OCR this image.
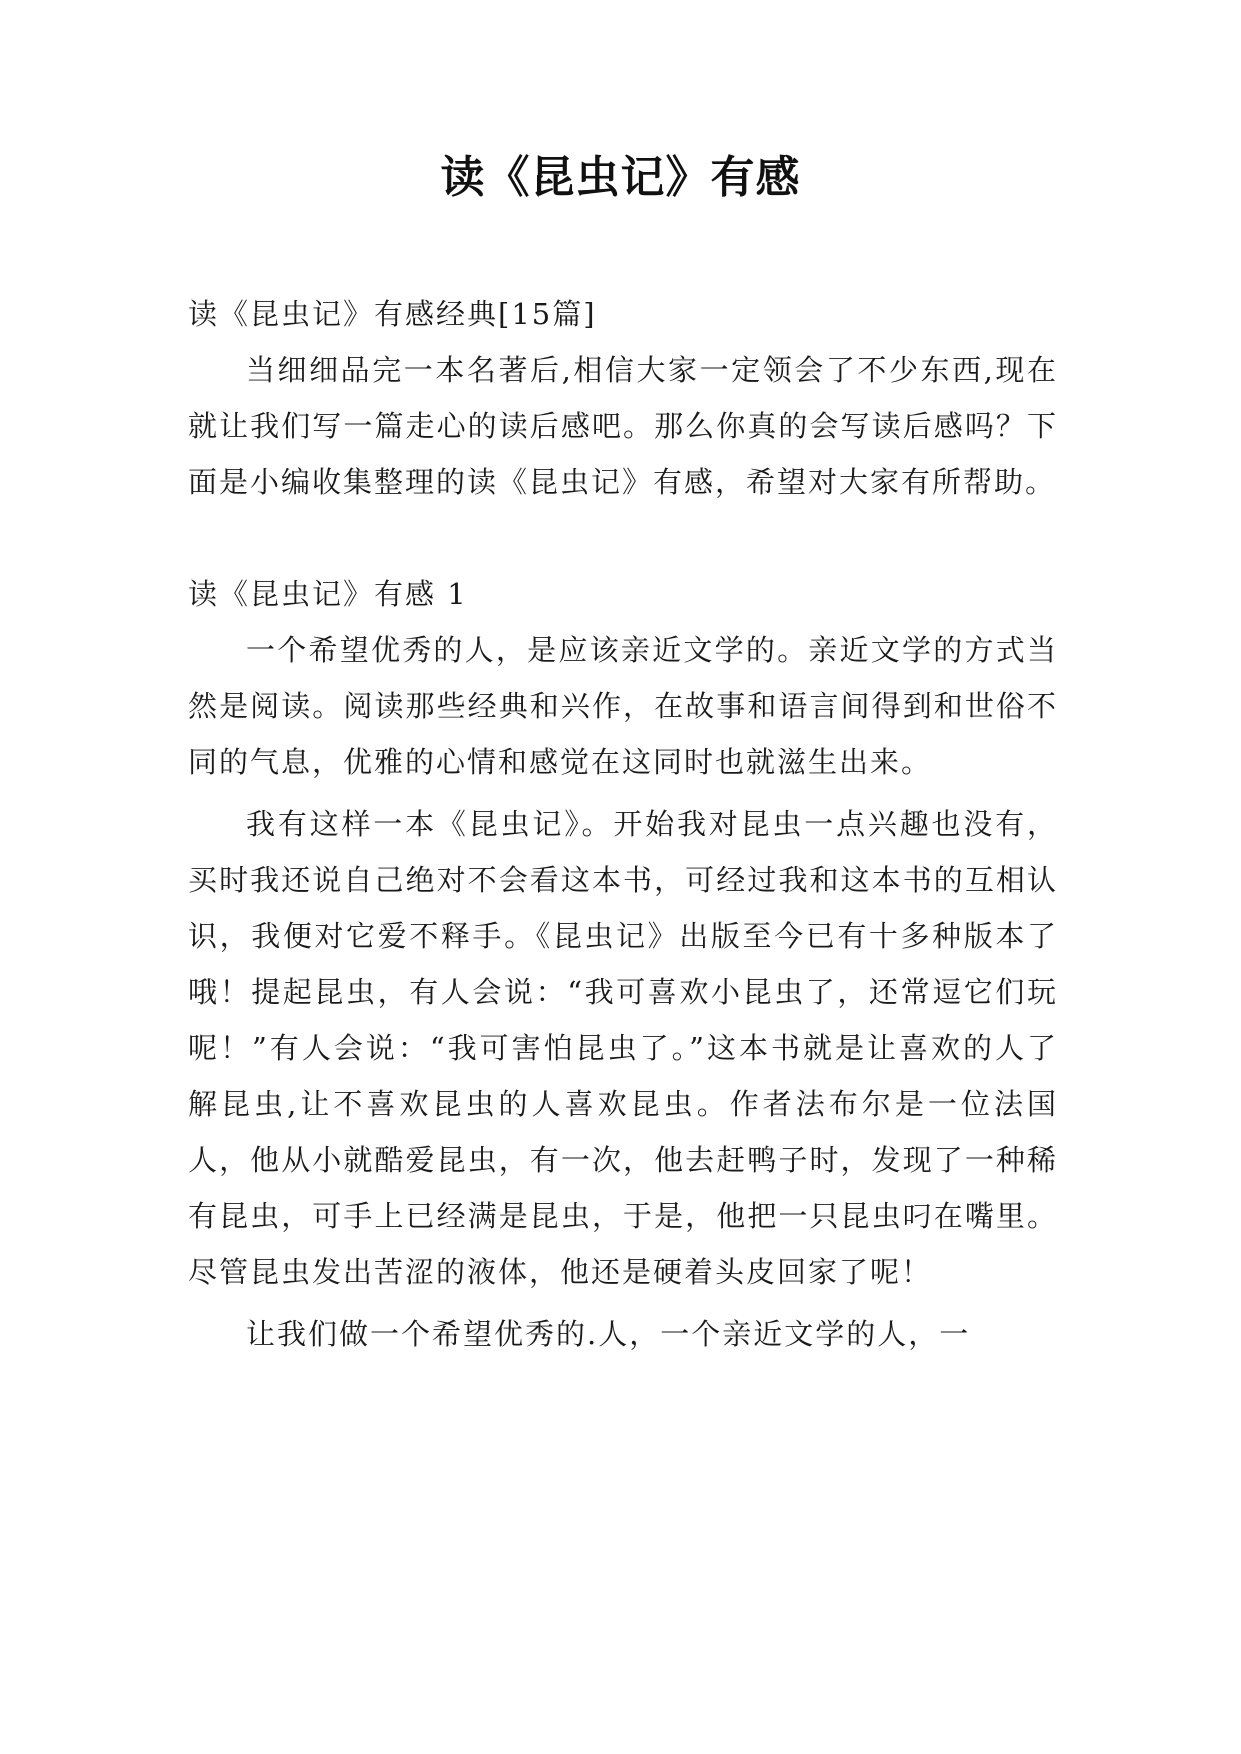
读《昆虫记》有感

读《昆虫记》有感经典[15篇]

当细细品完一本名著后,相信大家一定领会了不少东西,现在就让我们写一篇走心的读后感吧。那么你真的会写读后感吗？下面是小编收集整理的读《昆虫记》有感，希望对大家有所帮助。

读《昆虫记》有感 1

一个希望优秀的人，是应该亲近文学的。亲近文学的方式当然是阅读。阅读那些经典和兴作，在故事和语言间得到和世俗不同的气息，优雅的心情和感觉在这同时也就滋生出来。

我有这样一本《昆虫记》。开始我对昆虫一点兴趣也没有，买时我还说自己绝对不会看这本书，可经过我和这本书的互相认识，我便对它爱不释手。《昆虫记》出版至今已有十多种版本了哦！提起昆虫，有人会说：“我可喜欢小昆虫了，还常逗它们玩呢！”有人会说：“我可害怕昆虫了。”这本书就是让喜欢的人了解昆虫,让不喜欢昆虫的人喜欢昆虫。作者法布尔是一位法国人，他从小就酷爱昆虫，有一次，他去赶鸭子时，发现了一种稀有昆虫，可手上已经满是昆虫，于是，他把一只昆虫叼在嘴里。尽管昆虫发出苦涩的液体，他还是硬着头皮回家了呢！

让我们做一个希望优秀的.人，一个亲近文学的人，一
